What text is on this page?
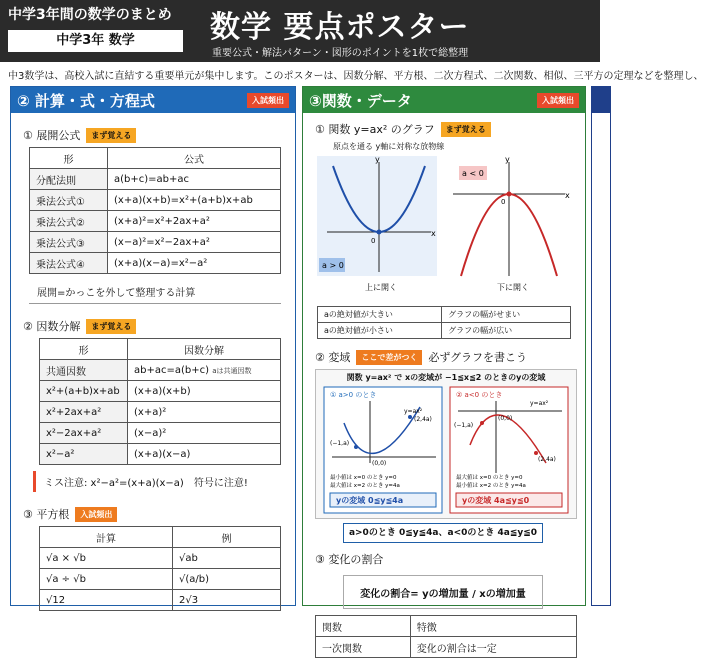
中学3年間の数学のまとめ
中学3年 数学	数学 要点ポスター
重要公式・解法パターン・図形のポイントを1枚で総整理
中3数学は、高校入試に直結する重要単元が集中します。このポスターは、因数分解、平方根、二次方程式、二次関数、相似、三平方の定理などを整理し、
② 計算・式・方程式	入試頻出
① 展開公式	まず覚える
形	公式
分配法則	a(b+c)=ab+ac
乗法公式①	(x+a)(x+b)=x²+(a+b)x+ab
乗法公式②	(x+a)²=x²+2ax+a²
乗法公式③	(x−a)²=x²−2ax+a²
乗法公式④	(x+a)(x−a)=x²−a²
展開=かっこを外して整理する計算
② 因数分解	まず覚える
形	因数分解
共通因数	ab+ac=a(b+c) aは共通因数
x²+(a+b)x+ab	(x+a)(x+b)
x²+2ax+a²	(x+a)²
x²−2ax+a²	(x−a)²
x²−a²	(x+a)(x−a)
ミス注意: x²−a²=(x+a)(x−a)　符号に注意!
③ 平方根	入試頻出
計算	例
√a × √b	√ab
√a ÷ √b	√(a/b)
√12	2√3
③関数・データ	入試頻出
① 関数 y=ax² のグラフ	まず覚える
原点を通る y軸に対称な放物線
x
y
0
a > 0
上に開く
x
y
0
a < 0
下に開く
aの絶対値が大きい	グラフの幅がせまい
aの絶対値が小さい	グラフの幅が広い
② 変域	ここで差がつく	必ずグラフを書こう
関数 y=ax² で xの変域が −1≦x≦2 のときのyの変域
① a>0 のとき
y=ax²
(−1,a)
(2,4a)
(0,0)
最小値は x=0 のとき y=0
最大値は x=2 のとき y=4a
yの変域 0≦y≦4a
② a<0 のとき
y=ax²
(−1,a)
(2,4a)
(0,0)
最大値は x=0 のとき y=0
最小値は x=2 のとき y=4a
yの変域 4a≦y≦0
a>0のとき 0≦y≦4a、a<0のとき 4a≦y≦0
③ 変化の割合
変化の割合= yの増加量 / xの増加量
関数	特徴
一次関数	変化の割合は一定
